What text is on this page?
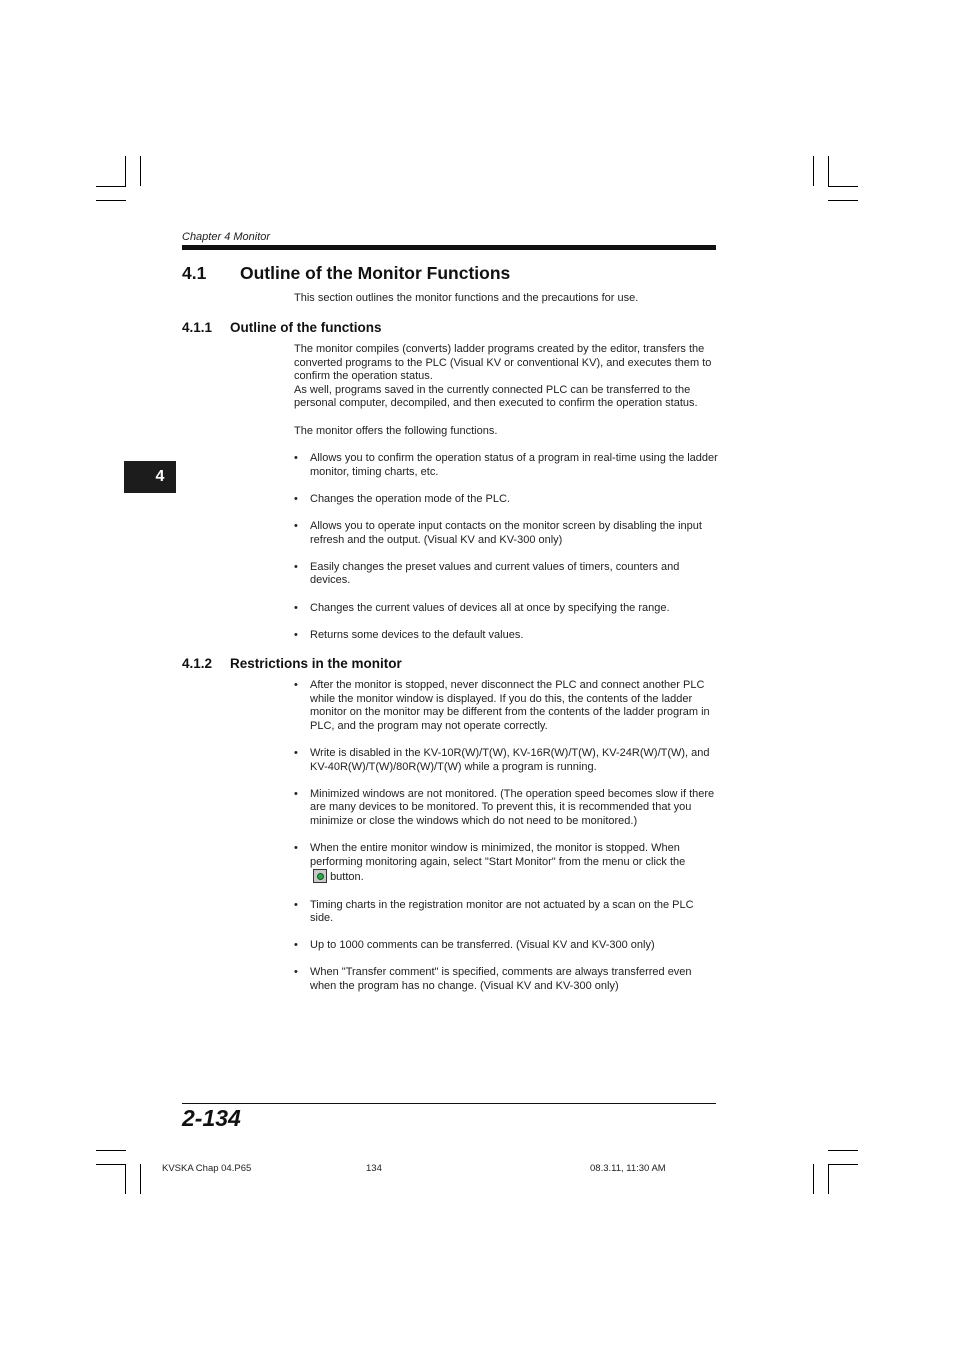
Chapter 4 Monitor
4.1 Outline of the Monitor Functions

This section outlines the monitor functions and the precautions for use.

4.1.1 Outline of the functions

The monitor compiles (converts) ladder programs created by the editor, transfers the converted programs to the PLC (Visual KV or conventional KV), and executes them to confirm the operation status.

As well, programs saved in the currently connected PLC can be transferred to the personal computer, decompiled, and then executed to confirm the operation status.

The monitor offers the following functions.

• Allows you to confirm the operation status of a program in real-time using the ladder monitor, timing charts, etc.
• Changes the operation mode of the PLC.
• Allows you to operate input contacts on the monitor screen by disabling the input refresh and the output. (Visual KV and KV-300 only)
• Easily changes the preset values and current values of timers, counters and devices.
• Changes the current values of devices all at once by specifying the range.
• Returns some devices to the default values.
4.1.2 Restrictions in the monitor
• After the monitor is stopped, never disconnect the PLC and connect another PLC while the monitor window is displayed. If you do this, the contents of the ladder monitor on the monitor may be different from the contents of the ladder program in PLC, and the program may not operate correctly.
• Write is disabled in the KV-10R(W)/T(W), KV-16R(W)/T(W), KV-24R(W)/T(W), and KV-40R(W)/T(W)/80R(W)/T(W) while a program is running.
• Minimized windows are not monitored. (The operation speed becomes slow if there are many devices to be monitored. To prevent this, it is recommended that you minimize or close the windows which do not need to be monitored.)
• When the entire monitor window is minimized, the monitor is stopped. When performing monitoring again, select "Start Monitor" from the menu or click the button.
• Timing charts in the registration monitor are not actuated by a scan on the PLC side.
• Up to 1000 comments can be transferred. (Visual KV and KV-300 only)
• When "Transfer comment" is specified, comments are always transferred even when the program has no change. (Visual KV and KV-300 only)
4
2-134
KVSKA Chap 04.P65	134	08.3.11, 11:30 AM
